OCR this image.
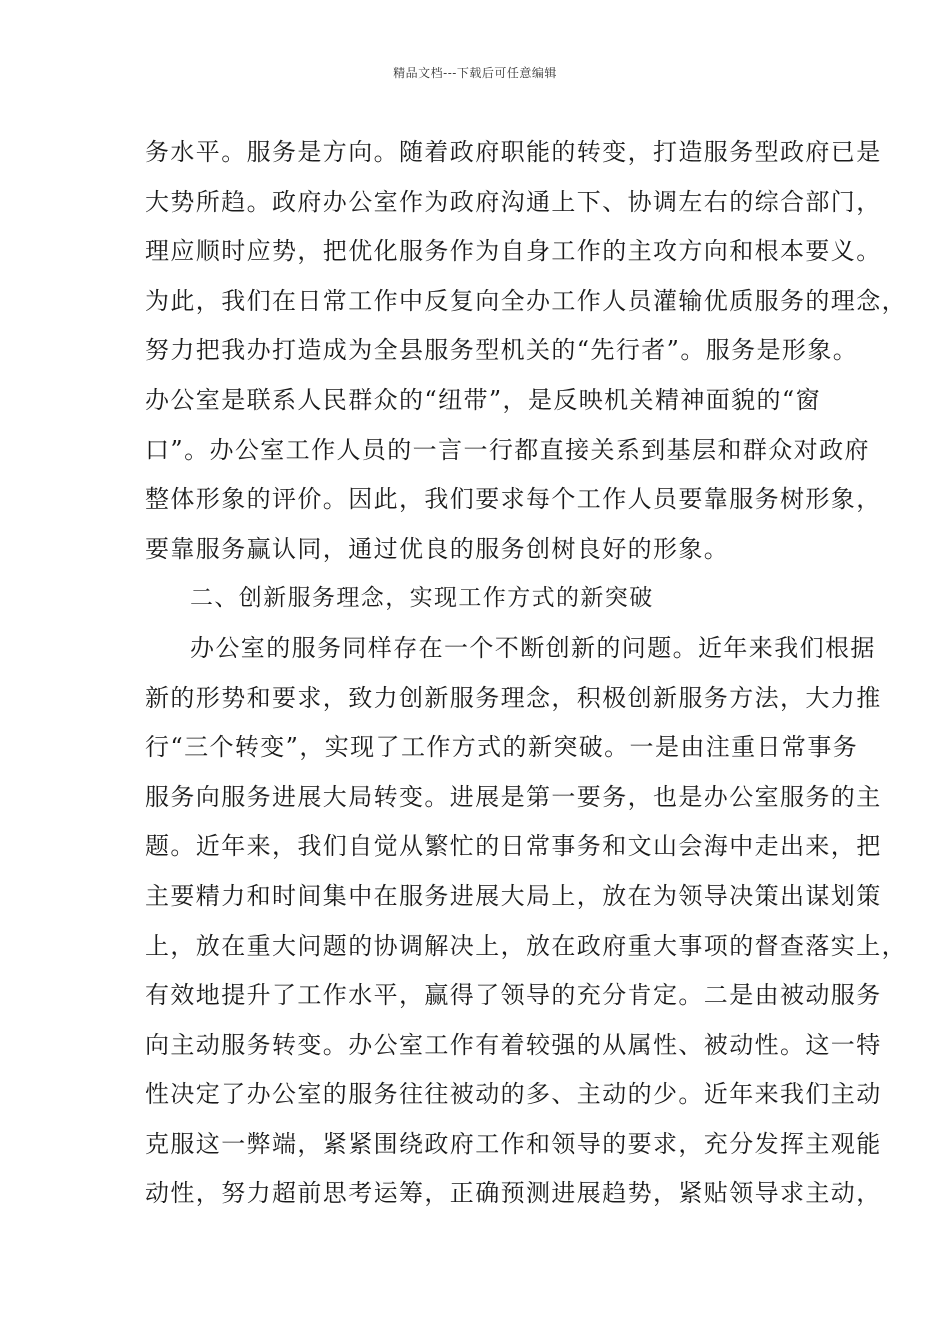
精品文档---下载后可任意编辑
务水平。服务是方向。随着政府职能的转变，打造服务型政府已是
大势所趋。政府办公室作为政府沟通上下、协调左右的综合部门，
理应顺时应势，把优化服务作为自身工作的主攻方向和根本要义。
为此，我们在日常工作中反复向全办工作人员灌输优质服务的理念，
努力把我办打造成为全县服务型机关的“先行者”。服务是形象。
办公室是联系人民群众的“纽带”，是反映机关精神面貌的“窗
口”。办公室工作人员的一言一行都直接关系到基层和群众对政府
整体形象的评价。因此，我们要求每个工作人员要靠服务树形象，
要靠服务赢认同，通过优良的服务创树良好的形象。
二、创新服务理念，实现工作方式的新突破
办公室的服务同样存在一个不断创新的问题。近年来我们根据
新的形势和要求，致力创新服务理念，积极创新服务方法，大力推
行“三个转变”，实现了工作方式的新突破。一是由注重日常事务
服务向服务进展大局转变。进展是第一要务，也是办公室服务的主
题。近年来，我们自觉从繁忙的日常事务和文山会海中走出来，把
主要精力和时间集中在服务进展大局上，放在为领导决策出谋划策
上，放在重大问题的协调解决上，放在政府重大事项的督查落实上，
有效地提升了工作水平，赢得了领导的充分肯定。二是由被动服务
向主动服务转变。办公室工作有着较强的从属性、被动性。这一特
性决定了办公室的服务往往被动的多、主动的少。近年来我们主动
克服这一弊端，紧紧围绕政府工作和领导的要求，充分发挥主观能
动性，努力超前思考运筹，正确预测进展趋势，紧贴领导求主动，
